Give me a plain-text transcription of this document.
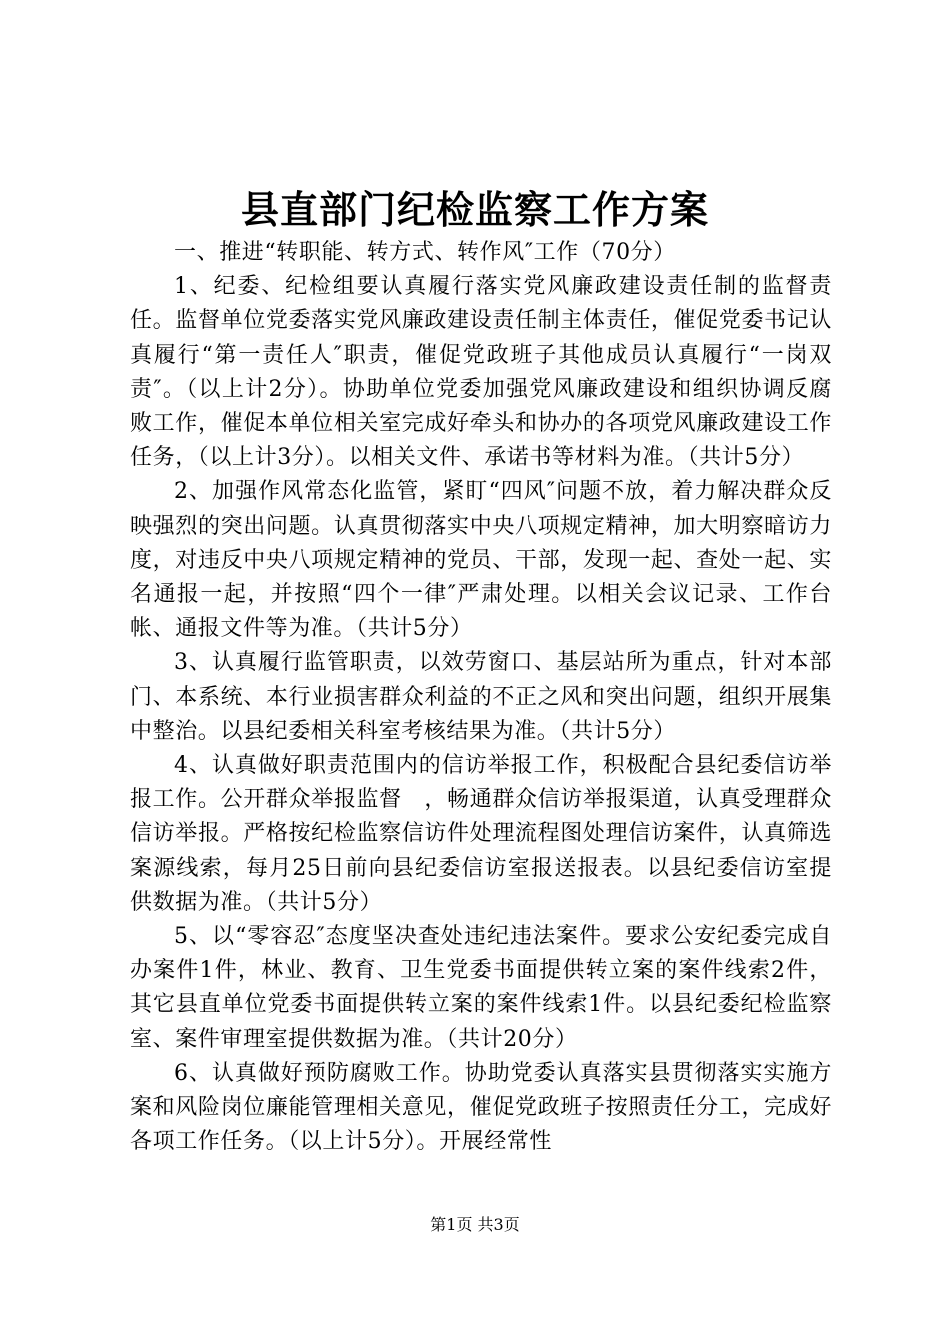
县直部门纪检监察工作方案

一、推进“转职能、转方式、转作风″工作（70分）

1、纪委、纪检组要认真履行落实党风廉政建设责任制的监督责任。监督单位党委落实党风廉政建设责任制主体责任，催促党委书记认真履行“第一责任人″职责，催促党政班子其他成员认真履行“一岗双责″。（以上计2分）。协助单位党委加强党风廉政建设和组织协调反腐败工作，催促本单位相关室完成好牵头和协办的各项党风廉政建设工作任务，（以上计3分）。以相关文件、承诺书等材料为准。（共计5分）

2、加强作风常态化监管，紧盯“四风″问题不放，着力解决群众反映强烈的突出问题。认真贯彻落实中央八项规定精神，加大明察暗访力度，对违反中央八项规定精神的党员、干部，发现一起、查处一起、实名通报一起，并按照“四个一律″严肃处理。以相关会议记录、工作台帐、通报文件等为准。（共计5分）

3、认真履行监管职责，以效劳窗口、基层站所为重点，针对本部门、本系统、本行业损害群众利益的不正之风和突出问题，组织开展集中整治。以县纪委相关科室考核结果为准。（共计5分）

4、认真做好职责范围内的信访举报工作，积极配合县纪委信访举报工作。公开群众举报监督　，畅通群众信访举报渠道，认真受理群众信访举报。严格按纪检监察信访件处理流程图处理信访案件，认真筛选案源线索，每月25日前向县纪委信访室报送报表。以县纪委信访室提供数据为准。（共计5分）

5、以“零容忍″态度坚决查处违纪违法案件。要求公安纪委完成自办案件1件，林业、教育、卫生党委书面提供转立案的案件线索2件，其它县直单位党委书面提供转立案的案件线索1件。以县纪委纪检监察室、案件审理室提供数据为准。（共计20分）

6、认真做好预防腐败工作。协助党委认真落实县贯彻落实实施方案和风险岗位廉能管理相关意见，催促党政班子按照责任分工，完成好各项工作任务。（以上计5分）。开展经常性

第1页 共3页
